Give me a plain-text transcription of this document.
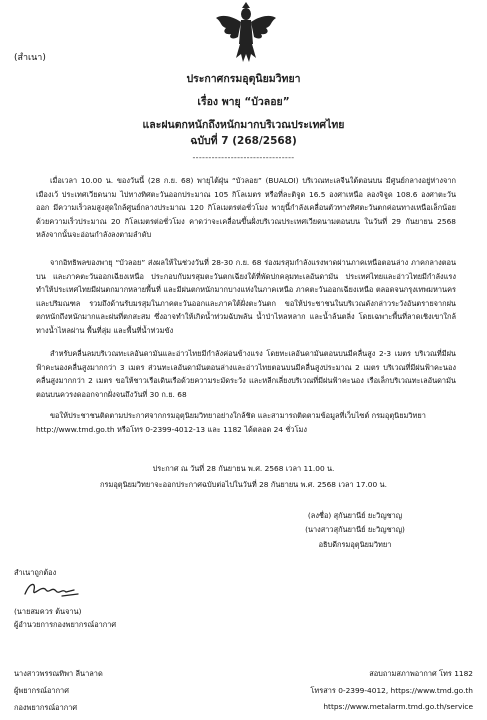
(สำเนา)
ประกาศกรมอุตุนิยมวิทยา
เรื่อง พายุ “บัวลอย”
และฝนตกหนักถึงหนักมากบริเวณประเทศไทย
ฉบับที่ 7 (268/2568)
--------------------------------
เมื่อเวลา 10.00 น. ของวันนี้ (28 ก.ย. 68) พายุไต้ฝุ่น “บัวลอย” (BUALOI) บริเวณทะเลจีนใต้ตอนบน มีศูนย์กลางอยู่ห่างจากเมืองเว้ ประเทศเวียดนาม ไปทางทิศตะวันออกประมาณ 105 กิโลเมตร หรือที่ละติจูด 16.5 องศาเหนือ ลองจิจูด 108.6 องศาตะวันออก มีความเร็วลมสูงสุดใกล้ศูนย์กลางประมาณ 120 กิโลเมตรต่อชั่วโมง พายุนี้กำลังเคลื่อนตัวทางทิศตะวันตกค่อนทางเหนือเล็กน้อยด้วยความเร็วประมาณ 20 กิโลเมตรต่อชั่วโมง คาดว่าจะเคลื่อนขึ้นฝั่งบริเวณประเทศเวียดนามตอนบน ในวันที่ 29 กันยายน 2568 หลังจากนั้นจะอ่อนกำลังลงตามลำดับ
จากอิทธิพลของพายุ “บัวลอย” ส่งผลให้ในช่วงวันที่ 28-30 ก.ย. 68 ร่องมรสุมกำลังแรงพาดผ่านภาคเหนือตอนล่าง ภาคกลางตอนบน และภาคตะวันออกเฉียงเหนือ ประกอบกับมรสุมตะวันตกเฉียงใต้ที่พัดปกคลุมทะเลอันดามัน ประเทศไทยและอ่าวไทยมีกำลังแรง ทำให้ประเทศไทยมีฝนตกมากหลายพื้นที่ และมีฝนตกหนักมากบางแห่งในภาคเหนือ ภาคตะวันออกเฉียงเหนือ ตลอดจนกรุงเทพมหานครและปริมณฑล รวมถึงด้านรับมรสุมในภาคตะวันออกและภาคใต้ฝั่งตะวันตก ขอให้ประชาชนในบริเวณดังกล่าวระวังอันตรายจากฝนตกหนักถึงหนักมากและฝนที่ตกสะสม ซึ่งอาจทำให้เกิดน้ำท่วมฉับพลัน น้ำป่าไหลหลาก และน้ำล้นตลิ่ง โดยเฉพาะพื้นที่ลาดเชิงเขาใกล้ทางน้ำไหลผ่าน พื้นที่ลุ่ม และพื้นที่น้ำท่วมขัง
สำหรับคลื่นลมบริเวณทะเลอันดามันและอ่าวไทยมีกำลังค่อนข้างแรง โดยทะเลอันดามันตอนบนมีคลื่นสูง 2-3 เมตร บริเวณที่มีฝนฟ้าคะนองคลื่นสูงมากกว่า 3 เมตร ส่วนทะเลอันดามันตอนล่างและอ่าวไทยตอนบนมีคลื่นสูงประมาณ 2 เมตร บริเวณที่มีฝนฟ้าคะนองคลื่นสูงมากกว่า 2 เมตร ขอให้ชาวเรือเดินเรือด้วยความระมัดระวัง และหลีกเลี่ยงบริเวณที่มีฝนฟ้าคะนอง เรือเล็กบริเวณทะเลอันดามันตอนบนควรงดออกจากฝั่งจนถึงวันที่ 30 ก.ย. 68
ขอให้ประชาชนติดตามประกาศจากกรมอุตุนิยมวิทยาอย่างใกล้ชิด และสามารถติดตามข้อมูลที่เว็บไซต์ กรมอุตุนิยมวิทยา
http://www.tmd.go.th หรือโทร 0-2399-4012-13 และ 1182 ได้ตลอด 24 ชั่วโมง
ประกาศ ณ วันที่ 28 กันยายน พ.ศ. 2568 เวลา 11.00 น.
กรมอุตุนิยมวิทยาจะออกประกาศฉบับต่อไปในวันที่ 28 กันยายน พ.ศ. 2568 เวลา 17.00 น.
(ลงชื่อ) สุกันยานีย์ ยะวิญชาญ
(นางสาวสุกันยานีย์ ยะวิญชาญ)
อธิบดีกรมอุตุนิยมวิทยา
สำเนาถูกต้อง
(นายสมควร ต้นจาน)
ผู้อำนวยการกองพยากรณ์อากาศ
นางสาวพรรณทิพา ลีนาลาด
ผู้พยากรณ์อากาศ
กองพยากรณ์อากาศ
สอบถามสภาพอากาศ โทร 1182
โทรสาร 0-2399-4012, https://www.tmd.go.th
https://www.metalarm.tmd.go.th/service
